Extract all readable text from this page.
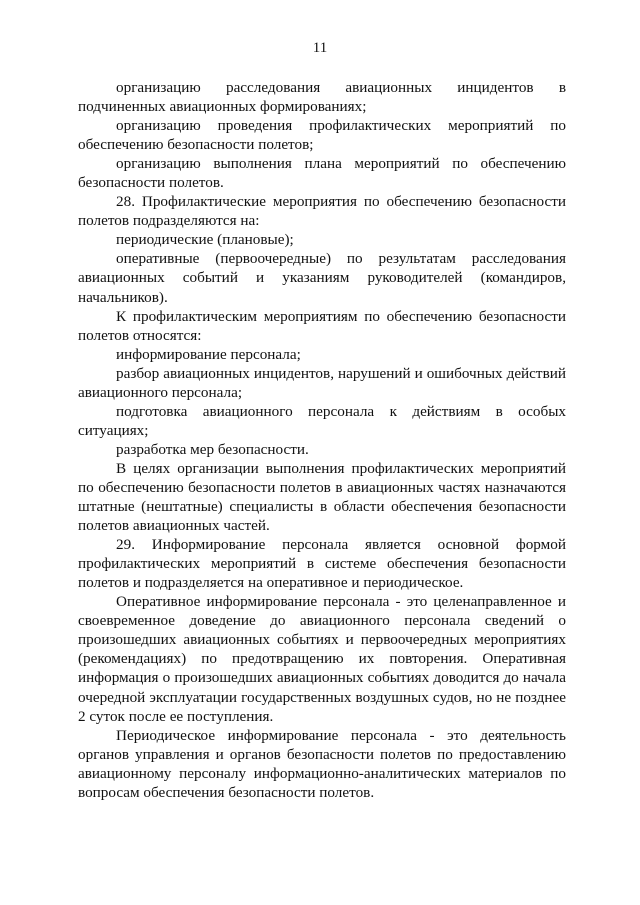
11

организацию расследования авиационных инцидентов в подчиненных авиационных формированиях;

организацию проведения профилактических мероприятий по обеспечению безопасности полетов;

организацию выполнения плана мероприятий по обеспечению безопасности полетов.

28. Профилактические мероприятия по обеспечению безопасности полетов подразделяются на:

периодические (плановые);

оперативные (первоочередные) по результатам расследования авиационных событий и указаниям руководителей (командиров, начальников).

К профилактическим мероприятиям по обеспечению безопасности полетов относятся:

информирование персонала;

разбор авиационных инцидентов, нарушений и ошибочных действий авиационного персонала;

подготовка авиационного персонала к действиям в особых ситуациях;

разработка мер безопасности.

В целях организации выполнения профилактических мероприятий по обеспечению безопасности полетов в авиационных частях назначаются штатные (нештатные) специалисты в области обеспечения безопасности полетов авиационных частей.

29. Информирование персонала является основной формой профилактических мероприятий в системе обеспечения безопасности полетов и подразделяется на оперативное и периодическое.

Оперативное информирование персонала - это целенаправленное и своевременное доведение до авиационного персонала сведений о произошедших авиационных событиях и первоочередных мероприятиях (рекомендациях) по предотвращению их повторения. Оперативная информация о произошедших авиационных событиях доводится до начала очередной эксплуатации государственных воздушных судов, но не позднее 2 суток после ее поступления.

Периодическое информирование персонала - это деятельность органов управления и органов безопасности полетов по предоставлению авиационному персоналу информационно-аналитических материалов по вопросам обеспечения безопасности полетов.
